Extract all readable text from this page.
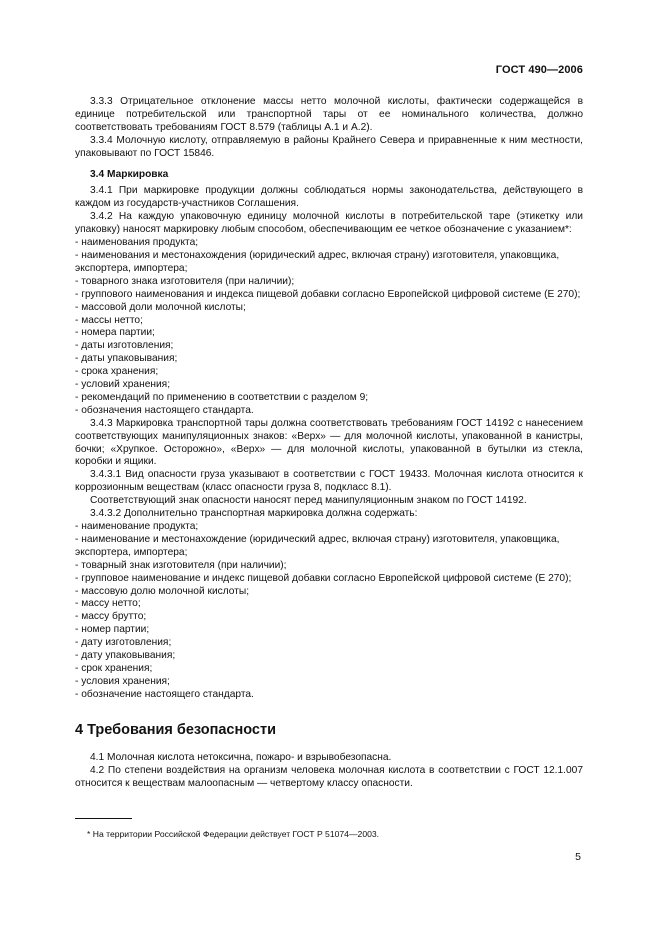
ГОСТ 490—2006

3.3.3 Отрицательное отклонение массы нетто молочной кислоты, фактически содержащейся в единице потребительской или транспортной тары от ее номинального количества, должно соответствовать требованиям ГОСТ 8.579 (таблицы А.1 и А.2).

3.3.4 Молочную кислоту, отправляемую в районы Крайнего Севера и приравненные к ним местности, упаковывают по ГОСТ 15846.

3.4 Маркировка

3.4.1 При маркировке продукции должны соблюдаться нормы законодательства, действующего в каждом из государств-участников Соглашения.

3.4.2 На каждую упаковочную единицу молочной кислоты в потребительской таре (этикетку или упаковку) наносят маркировку любым способом, обеспечивающим ее четкое обозначение с указанием*:

- наименования продукта;

- наименования и местонахождения (юридический адрес, включая страну) изготовителя, упаковщика, экспортера, импортера;

- товарного знака изготовителя (при наличии);

- группового наименования и индекса пищевой добавки согласно Европейской цифровой системе (Е 270);

- массовой доли молочной кислоты;

- массы нетто;

- номера партии;

- даты изготовления;

- даты упаковывания;

- срока хранения;

- условий хранения;

- рекомендаций по применению в соответствии с разделом 9;

- обозначения настоящего стандарта.

3.4.3 Маркировка транспортной тары должна соответствовать требованиям ГОСТ 14192 с нанесением соответствующих манипуляционных знаков: «Верх» — для молочной кислоты, упакованной в канистры, бочки; «Хрупкое. Осторожно», «Верх» — для молочной кислоты, упакованной в бутылки из стекла, коробки и ящики.

3.4.3.1 Вид опасности груза указывают в соответствии с ГОСТ 19433. Молочная кислота относится к коррозионным веществам (класс опасности груза 8, подкласс 8.1).

Соответствующий знак опасности наносят перед манипуляционным знаком по ГОСТ 14192.

3.4.3.2 Дополнительно транспортная маркировка должна содержать:

- наименование продукта;

- наименование и местонахождение (юридический адрес, включая страну) изготовителя, упаковщика, экспортера, импортера;

- товарный знак изготовителя (при наличии);

- групповое наименование и индекс пищевой добавки согласно Европейской цифровой системе (Е 270);

- массовую долю молочной кислоты;

- массу нетто;

- массу брутто;

- номер партии;

- дату изготовления;

- дату упаковывания;

- срок хранения;

- условия хранения;

- обозначение настоящего стандарта.

4 Требования безопасности

4.1 Молочная кислота нетоксична, пожаро- и взрывобезопасна.

4.2 По степени воздействия на организм человека молочная кислота в соответствии с ГОСТ 12.1.007 относится к веществам малоопасным — четвертому классу опасности.

* На территории Российской Федерации действует ГОСТ Р 51074—2003.
5
